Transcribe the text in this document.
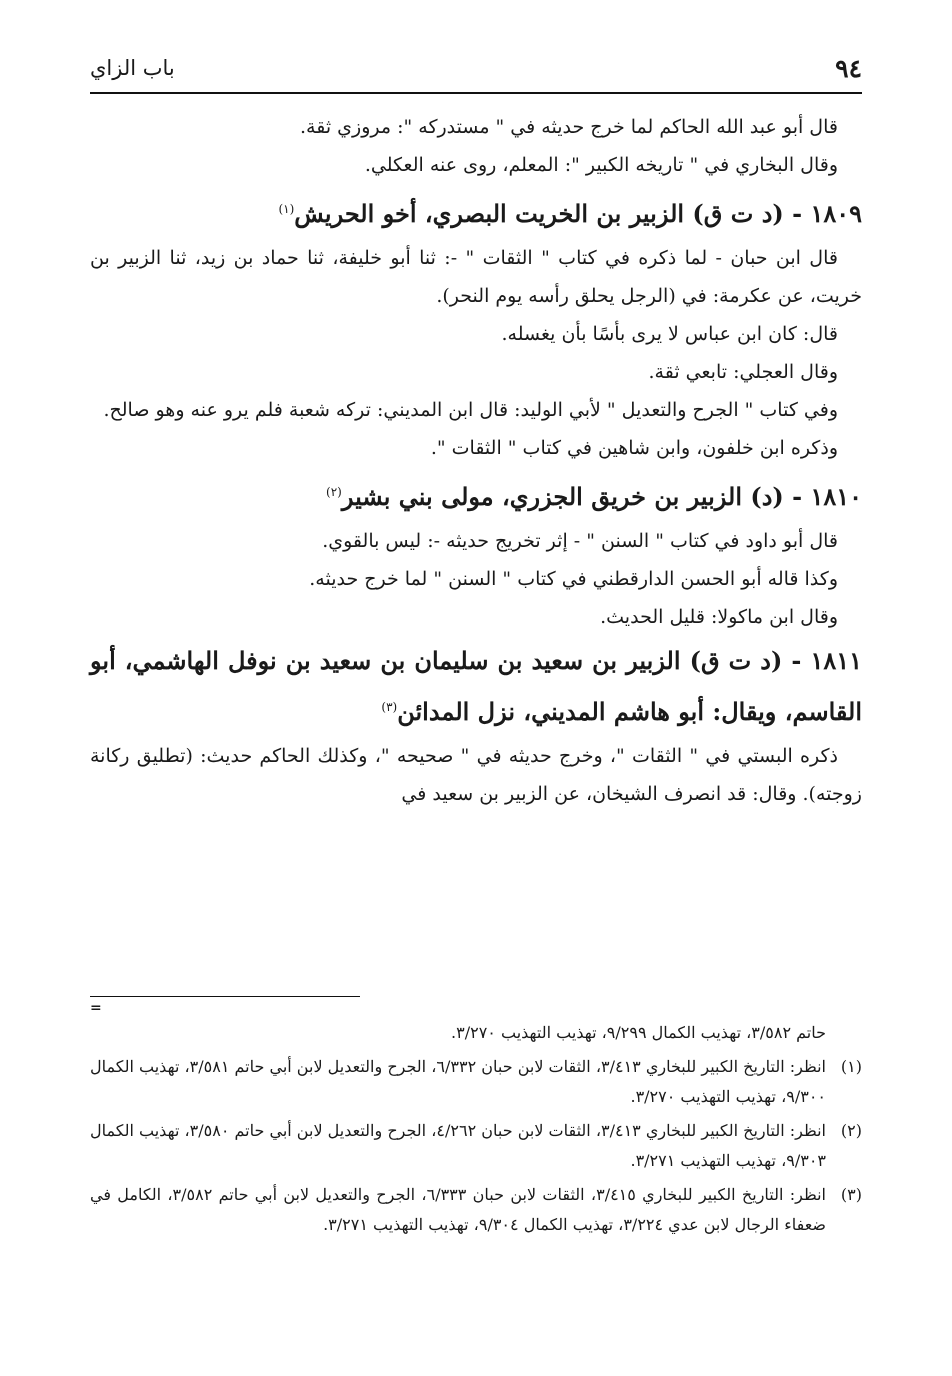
٩٤
باب الزاي

قال أبو عبد الله الحاكم لما خرج حديثه في " مستدركه ": مروزي ثقة.

وقال البخاري في " تاريخه الكبير ": المعلم، روى عنه العكلي.

١٨٠٩ - (د ت ق) الزبير بن الخريت البصري، أخو الحريش$^{(١)}$

قال ابن حبان - لما ذكره في كتاب " الثقات " -: ثنا أبو خليفة، ثنا حماد بن زيد، ثنا الزبير بن خريت، عن عكرمة: في (الرجل يحلق رأسه يوم النحر).

قال: كان ابن عباس لا يرى بأسًا بأن يغسله.

وقال العجلي: تابعي ثقة.

وفي كتاب " الجرح والتعديل " لأبي الوليد: قال ابن المديني: تركه شعبة فلم يرو عنه وهو صالح.

وذكره ابن خلفون، وابن شاهين في كتاب " الثقات ".

١٨١٠ - (د) الزبير بن خريق الجزري، مولى بني بشير$^{(٢)}$

قال أبو داود في كتاب " السنن " - إثر تخريج حديثه -: ليس بالقوي.

وكذا قاله أبو الحسن الدارقطني في كتاب " السنن " لما خرج حديثه.

وقال ابن ماكولا: قليل الحديث.

١٨١١ - (د ت ق) الزبير بن سعيد بن سليمان بن سعيد بن نوفل الهاشمي، أبو القاسم، ويقال: أبو هاشم المديني، نزل المدائن$^{(٣)}$

ذكره البستي في " الثقات "، وخرج حديثه في " صحيحه "، وكذلك الحاكم حديث: (تطليق ركانة زوجته). وقال: قد انصرف الشيخان، عن الزبير بن سعيد في

=

حاتم ٣/٥٨٢، تهذيب الكمال ٩/٢٩٩، تهذيب التهذيب ٣/٢٧٠.

(١)
انظر: التاريخ الكبير للبخاري ٣/٤١٣، الثقات لابن حبان ٦/٣٣٢، الجرح والتعديل لابن أبي حاتم ٣/٥٨١، تهذيب الكمال ٩/٣٠٠، تهذيب التهذيب ٣/٢٧٠.

(٢)
انظر: التاريخ الكبير للبخاري ٣/٤١٣، الثقات لابن حبان ٤/٢٦٢، الجرح والتعديل لابن أبي حاتم ٣/٥٨٠، تهذيب الكمال ٩/٣٠٣، تهذيب التهذيب ٣/٢٧١.

(٣)
انظر: التاريخ الكبير للبخاري ٣/٤١٥، الثقات لابن حبان ٦/٣٣٣، الجرح والتعديل لابن أبي حاتم ٣/٥٨٢، الكامل في ضعفاء الرجال لابن عدي ٣/٢٢٤، تهذيب الكمال ٩/٣٠٤، تهذيب التهذيب ٣/٢٧١.
